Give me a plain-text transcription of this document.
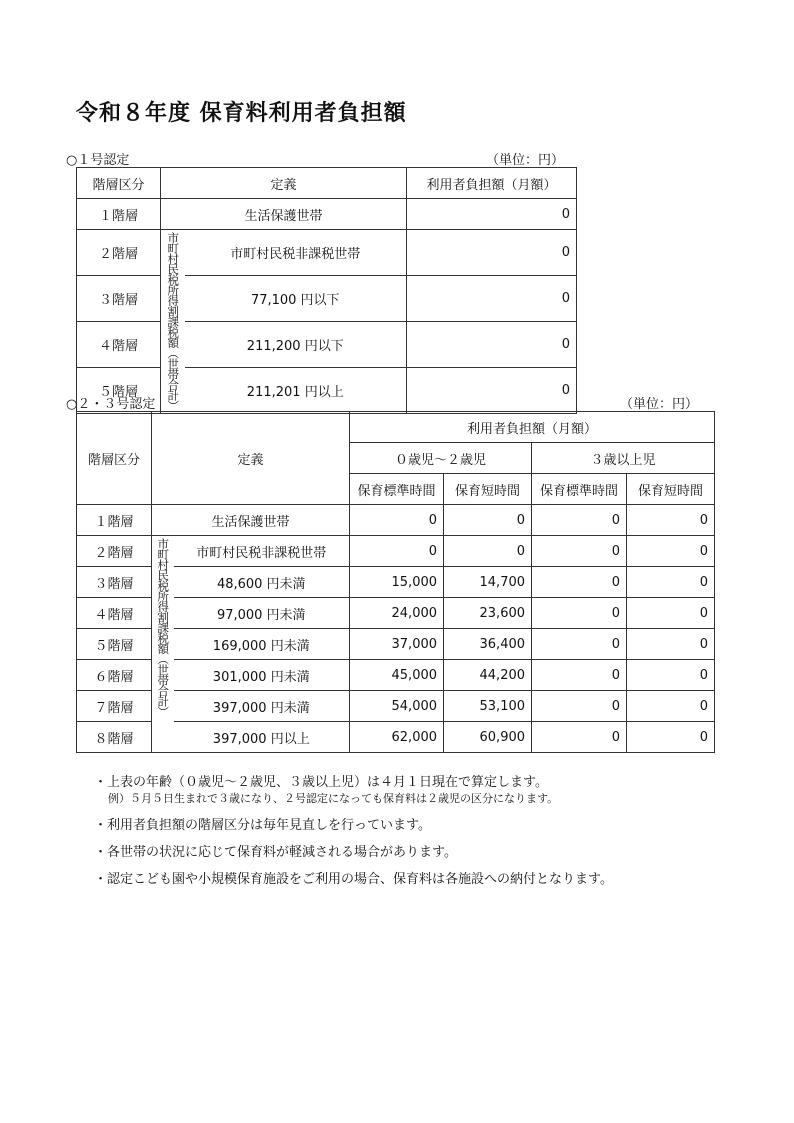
令和８年度 保育料利用者負担額
○１号認定	（単位：円）
階層区分	定義		利用者負担額（月額）
１階層	生活保護世帯		0
２階層	市町村民税所得割課税額（世帯合計）	市町村民税非課税世帯	0
３階層		77,100 円以下	0
４階層		211,200 円以下	0
５階層		211,201 円以上	0
○２・３号認定	（単位：円）
階層区分	定義		利用者負担額（月額）			
			０歳児～２歳児		３歳以上児	
			保育標準時間	保育短時間	保育標準時間	保育短時間
１階層	生活保護世帯		0	0	0	0
２階層	市町村民税所得割課税額（世帯合計）	市町村民税非課税世帯	0	0	0	0
３階層		48,600 円未満	15,000	14,700	0	0
４階層		97,000 円未満	24,000	23,600	0	0
５階層		169,000 円未満	37,000	36,400	0	0
６階層		301,000 円未満	45,000	44,200	0	0
７階層		397,000 円未満	54,000	53,100	0	0
８階層		397,000 円以上	62,000	60,900	0	0
・上表の年齢（０歳児～２歳児、３歳以上児）は４月１日現在で算定します。
例）５月５日生まれで３歳になり、２号認定になっても保育料は２歳児の区分になります。
・利用者負担額の階層区分は毎年見直しを行っています。
・各世帯の状況に応じて保育料が軽減される場合があります。
・認定こども園や小規模保育施設をご利用の場合、保育料は各施設への納付となります。
